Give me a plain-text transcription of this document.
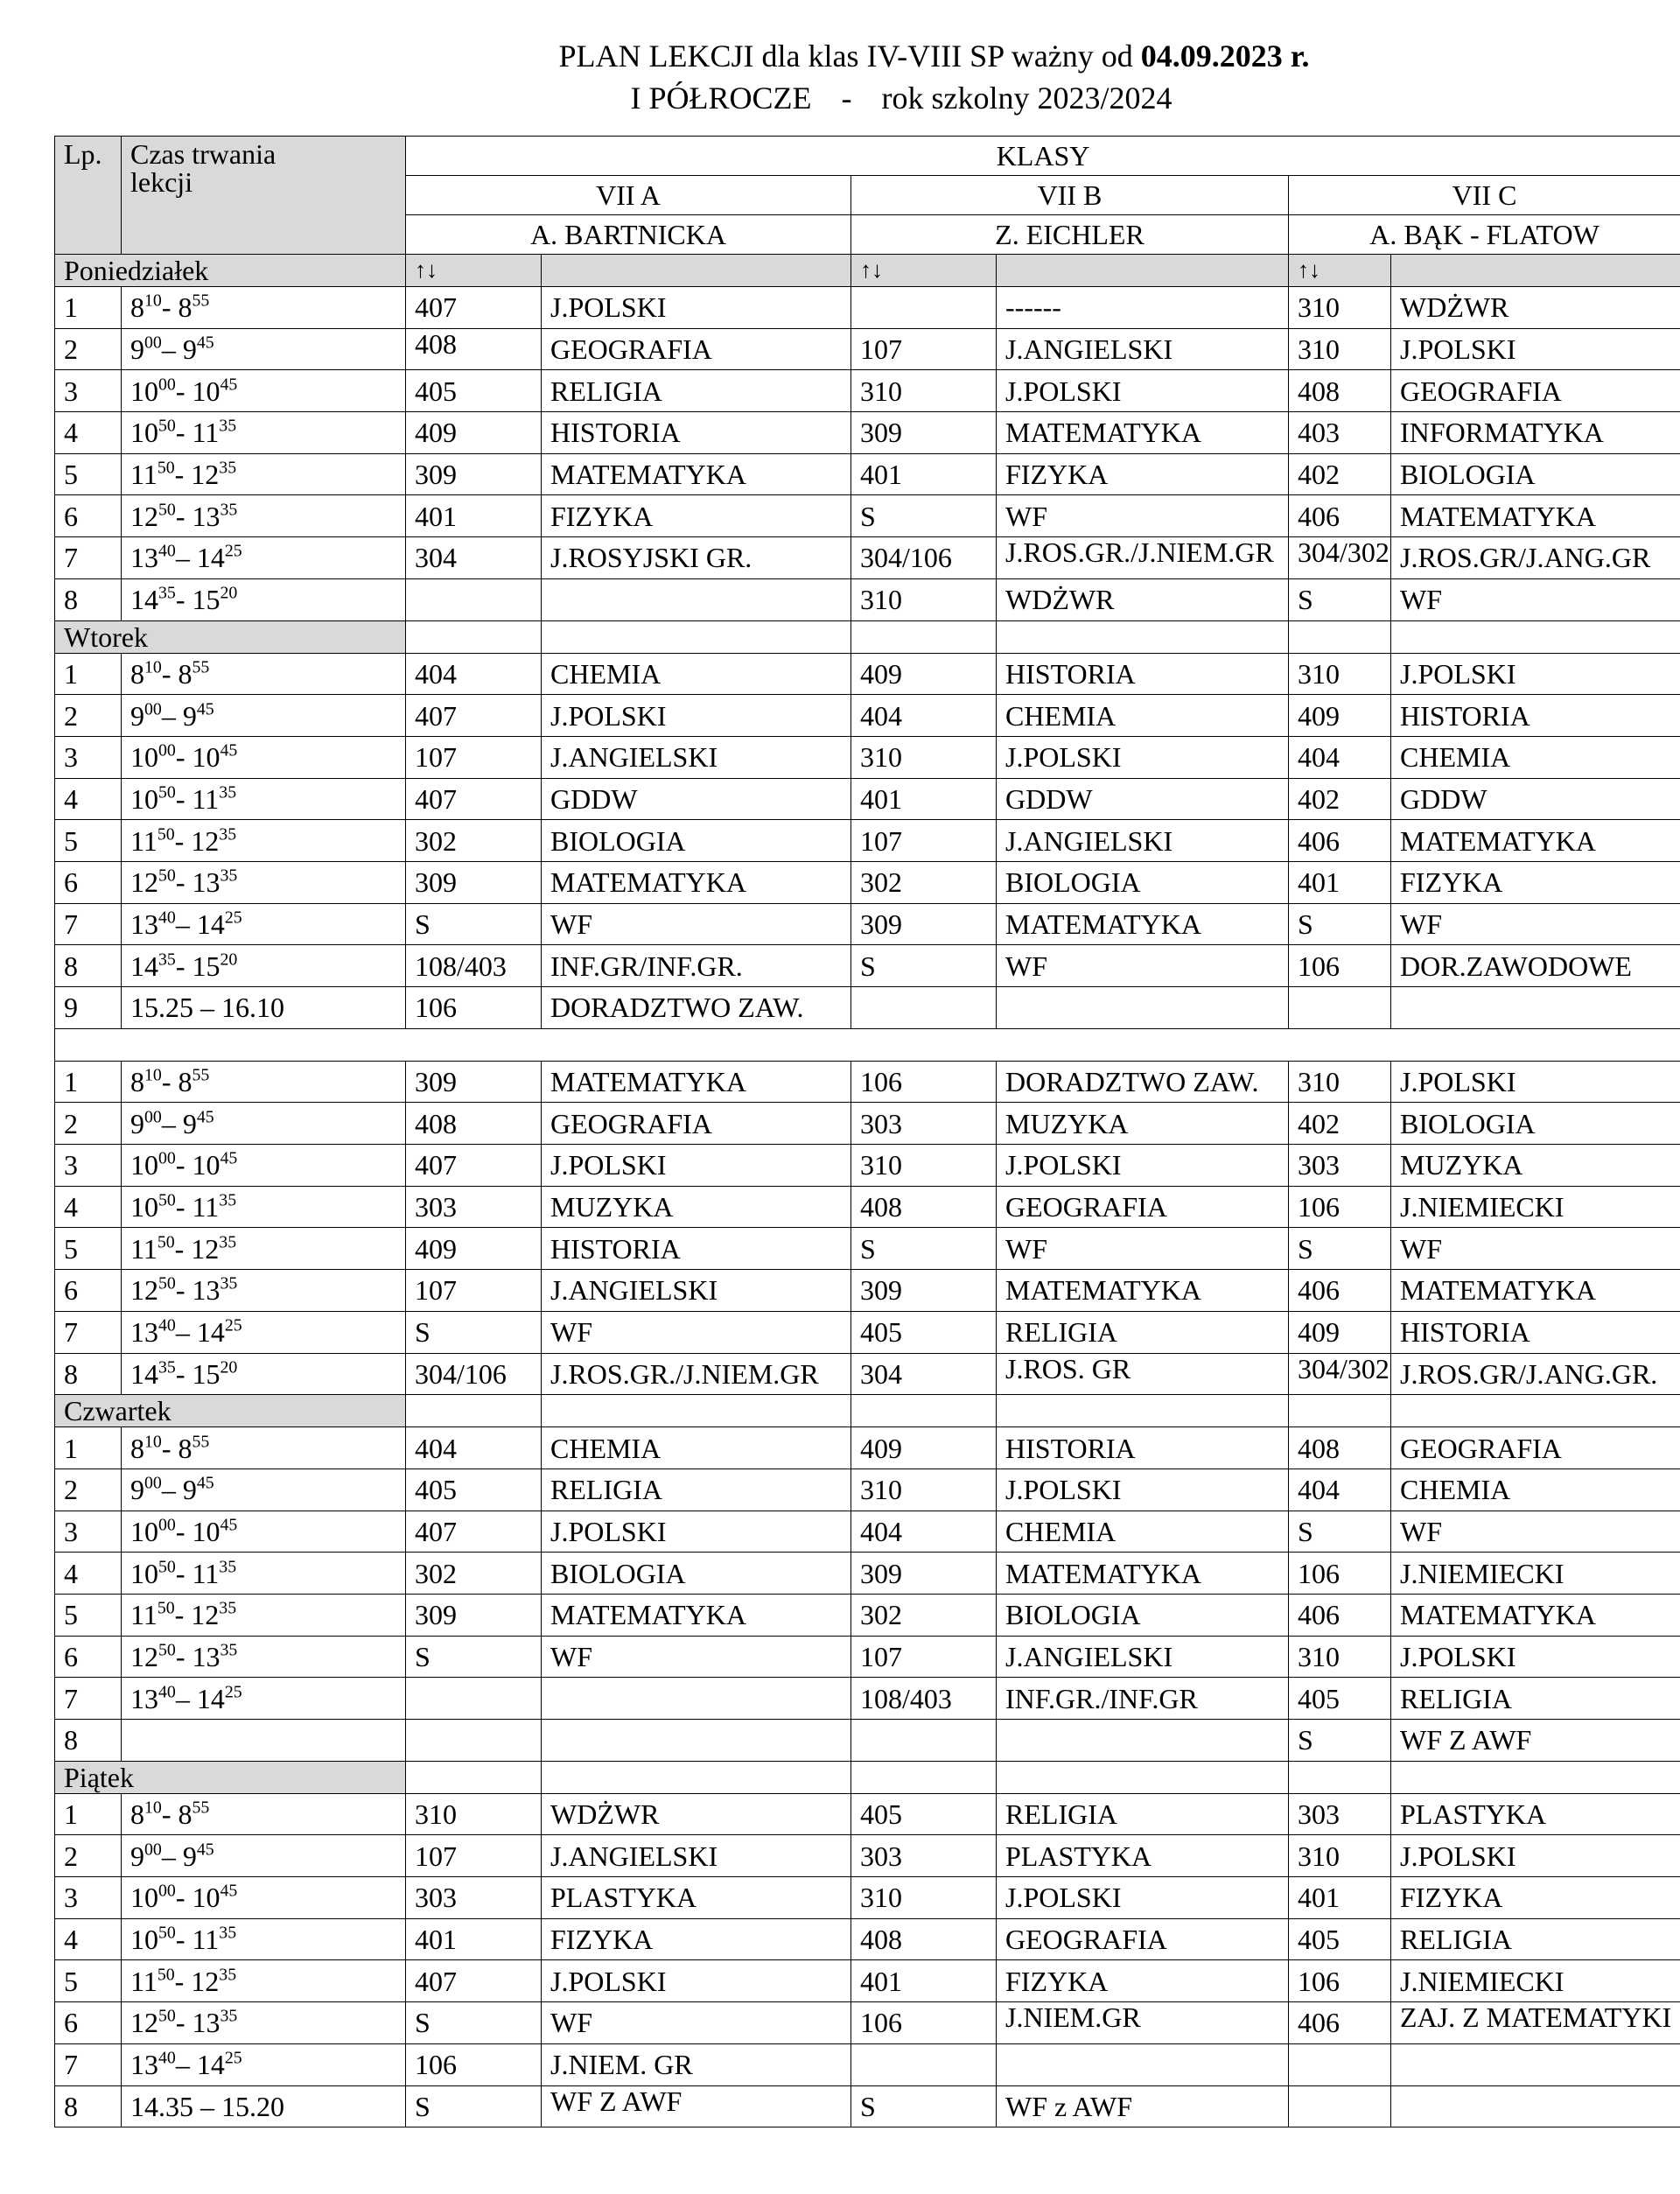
PLAN LEKCJI dla klas IV-VIII SP ważny od 04.09.2023 r.
I PÓŁROCZE - rok szkolny 2023/2024
Lp.	Czas trwania lekcji	KLASY					
		VII A		VII B		VII C	
		A. BARTNICKA		Z. EICHLER		A. BĄK - FLATOW	
Poniedziałek		↑↓		↑↓		↑↓	
1	$8^{10}-$ $8^{55}$	407	J.POLSKI		------	310	WDŻWR
2	$9^{00}-$ $9^{45}$	408	GEOGRAFIA	107	J.ANGIELSKI	310	J.POLSKI
3	$10^{00}-$ $10^{45}$	405	RELIGIA	310	J.POLSKI	408	GEOGRAFIA
4	$10^{50}-$ $11^{35}$	409	HISTORIA	309	MATEMATYKA	403	INFORMATYKA
5	$11^{50}-$ $12^{35}$	309	MATEMATYKA	401	FIZYKA	402	BIOLOGIA
6	$12^{50}-$ $13^{35}$	401	FIZYKA	S	WF	406	MATEMATYKA
7	$13^{40}-$ $14^{25}$	304	J.ROSYJSKI GR.	304/106	J.ROS.GR./J.NIEM.GR	304/302	J.ROS.GR/J.ANG.GR
8	$14^{35}-$ $15^{20}$			310	WDŻWR	S	WF
Wtorek							
1	$8^{10}-$ $8^{55}$	404	CHEMIA	409	HISTORIA	310	J.POLSKI
2	$9^{00}-$ $9^{45}$	407	J.POLSKI	404	CHEMIA	409	HISTORIA
3	$10^{00}-$ $10^{45}$	107	J.ANGIELSKI	310	J.POLSKI	404	CHEMIA
4	$10^{50}-$ $11^{35}$	407	GDDW	401	GDDW	402	GDDW
5	$11^{50}-$ $12^{35}$	302	BIOLOGIA	107	J.ANGIELSKI	406	MATEMATYKA
6	$12^{50}-$ $13^{35}$	309	MATEMATYKA	302	BIOLOGIA	401	FIZYKA
7	$13^{40}-$ $14^{25}$	S	WF	309	MATEMATYKA	S	WF
8	$14^{35}-$ $15^{20}$	108/403	INF.GR/INF.GR.	S	WF	106	DOR.ZAWODOWE
9	15.25 – 16.10	106	DORADZTWO ZAW.				

1	$8^{10}-$ $8^{55}$	309	MATEMATYKA	106	DORADZTWO ZAW.	310	J.POLSKI
2	$9^{00}-$ $9^{45}$	408	GEOGRAFIA	303	MUZYKA	402	BIOLOGIA
3	$10^{00}-$ $10^{45}$	407	J.POLSKI	310	J.POLSKI	303	MUZYKA
4	$10^{50}-$ $11^{35}$	303	MUZYKA	408	GEOGRAFIA	106	J.NIEMIECKI
5	$11^{50}-$ $12^{35}$	409	HISTORIA	S	WF	S	WF
6	$12^{50}-$ $13^{35}$	107	J.ANGIELSKI	309	MATEMATYKA	406	MATEMATYKA
7	$13^{40}-$ $14^{25}$	S	WF	405	RELIGIA	409	HISTORIA
8	$14^{35}-$ $15^{20}$	304/106	J.ROS.GR./J.NIEM.GR	304	J.ROS. GR	304/302	J.ROS.GR/J.ANG.GR.
Czwartek							
1	$8^{10}-$ $8^{55}$	404	CHEMIA	409	HISTORIA	408	GEOGRAFIA
2	$9^{00}-$ $9^{45}$	405	RELIGIA	310	J.POLSKI	404	CHEMIA
3	$10^{00}-$ $10^{45}$	407	J.POLSKI	404	CHEMIA	S	WF
4	$10^{50}-$ $11^{35}$	302	BIOLOGIA	309	MATEMATYKA	106	J.NIEMIECKI
5	$11^{50}-$ $12^{35}$	309	MATEMATYKA	302	BIOLOGIA	406	MATEMATYKA
6	$12^{50}-$ $13^{35}$	S	WF	107	J.ANGIELSKI	310	J.POLSKI
7	$13^{40}-$ $14^{25}$			108/403	INF.GR./INF.GR	405	RELIGIA
8						S	WF Z AWF
Piątek							
1	$8^{10}-$ $8^{55}$	310	WDŻWR	405	RELIGIA	303	PLASTYKA
2	$9^{00}-$ $9^{45}$	107	J.ANGIELSKI	303	PLASTYKA	310	J.POLSKI
3	$10^{00}-$ $10^{45}$	303	PLASTYKA	310	J.POLSKI	401	FIZYKA
4	$10^{50}-$ $11^{35}$	401	FIZYKA	408	GEOGRAFIA	405	RELIGIA
5	$11^{50}-$ $12^{35}$	407	J.POLSKI	401	FIZYKA	106	J.NIEMIECKI
6	$12^{50}-$ $13^{35}$	S	WF	106	J.NIEM.GR	406	ZAJ. Z MATEMATYKI
7	$13^{40}-$ $14^{25}$	106	J.NIEM. GR				
8	14.35 – 15.20	S	WF Z AWF	S	WF z AWF		
